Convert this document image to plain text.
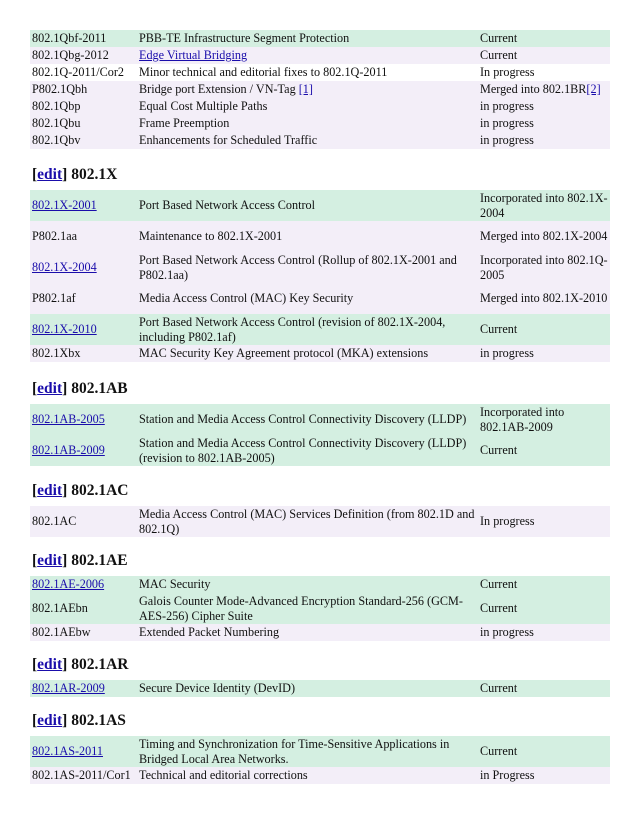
802.1Qbf-2011	PBB-TE Infrastructure Segment Protection	Current
802.1Qbg-2012	Edge Virtual Bridging	Current
802.1Q-2011/Cor2	Minor technical and editorial fixes to 802.1Q-2011	In progress
P802.1Qbh	Bridge port Extension / VN-Tag [1]	Merged into 802.1BR[2]
802.1Qbp	Equal Cost Multiple Paths	in progress
802.1Qbu	Frame Preemption	in progress
802.1Qbv	Enhancements for Scheduled Traffic	in progress
[edit] 802.1X
802.1X-2001	Port Based Network Access Control	Incorporated into 802.1X-2004
P802.1aa	Maintenance to 802.1X-2001	Merged into 802.1X-2004
802.1X-2004	Port Based Network Access Control (Rollup of 802.1X-2001 and P802.1aa)	Incorporated into 802.1Q-2005
P802.1af	Media Access Control (MAC) Key Security	Merged into 802.1X-2010
802.1X-2010	Port Based Network Access Control (revision of 802.1X-2004, including P802.1af)	Current
802.1Xbx	MAC Security Key Agreement protocol (MKA) extensions	in progress
[edit] 802.1AB
802.1AB-2005	Station and Media Access Control Connectivity Discovery (LLDP)	Incorporated into 802.1AB-2009
802.1AB-2009	Station and Media Access Control Connectivity Discovery (LLDP) (revision to 802.1AB-2005)	Current
[edit] 802.1AC
802.1AC	Media Access Control (MAC) Services Definition (from 802.1D and 802.1Q)	In progress
[edit] 802.1AE
802.1AE-2006	MAC Security	Current
802.1AEbn	Galois Counter Mode-Advanced Encryption Standard-256 (GCM-AES-256) Cipher Suite	Current
802.1AEbw	Extended Packet Numbering	in progress
[edit] 802.1AR
802.1AR-2009	Secure Device Identity (DevID)	Current
[edit] 802.1AS
802.1AS-2011	Timing and Synchronization for Time-Sensitive Applications in Bridged Local Area Networks.	Current
802.1AS-2011/Cor1	Technical and editorial corrections	in Progress
